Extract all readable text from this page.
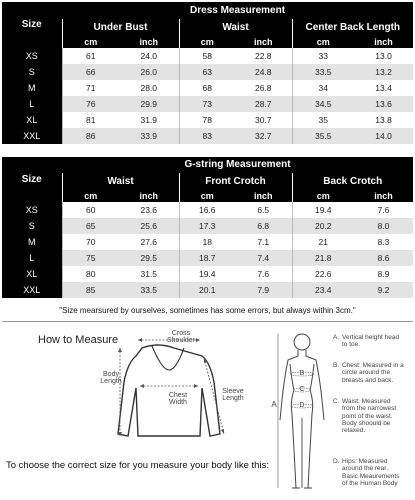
Size	Dress Measurement					
	Under Bust		Waist		Center Back Length	
	cm	inch	cm	inch	cm	inch
XS	61	24.0	58	22.8	33	13.0
S	66	26.0	63	24.8	33.5	13.2
M	71	28.0	68	26.8	34	13.4
L	76	29.9	73	28.7	34.5	13.6
XL	81	31.9	78	30.7	35	13.8
XXL	86	33.9	83	32.7	35.5	14.0
Size	G-string Measurement					
	Waist		Front Crotch		Back Crotch	
	cm	inch	cm	inch	cm	inch
XS	60	23.6	16.6	6.5	19.4	7.6
S	65	25.6	17.3	6.8	20.2	8.0
M	70	27.6	18	7.1	21	8.3
L	75	29.5	18.7	7.4	21.8	8.6
XL	80	31.5	19.4	7.6	22.6	8.9
XXL	85	33.5	20.1	7.9	23.4	9.2
"Size mearsured by ourselves, sometimes has some errors, but always within 3cm."
How to Measure
Cross
Shoulder
Body
Length
Chest
Width
Sleeve
Length
A
B
C
D
A. Vertical height head
to toe.
B. Chest: Measured in a
circle around the
breasts and back.
C. Waist: Measured
from the narrowest
point of the waist.
Body shoould be
relaxed.
D. Hips: Measured
around the rear.
Basic Meaurements
of the Human Body
To choose the correct size for you measure your body like this:
